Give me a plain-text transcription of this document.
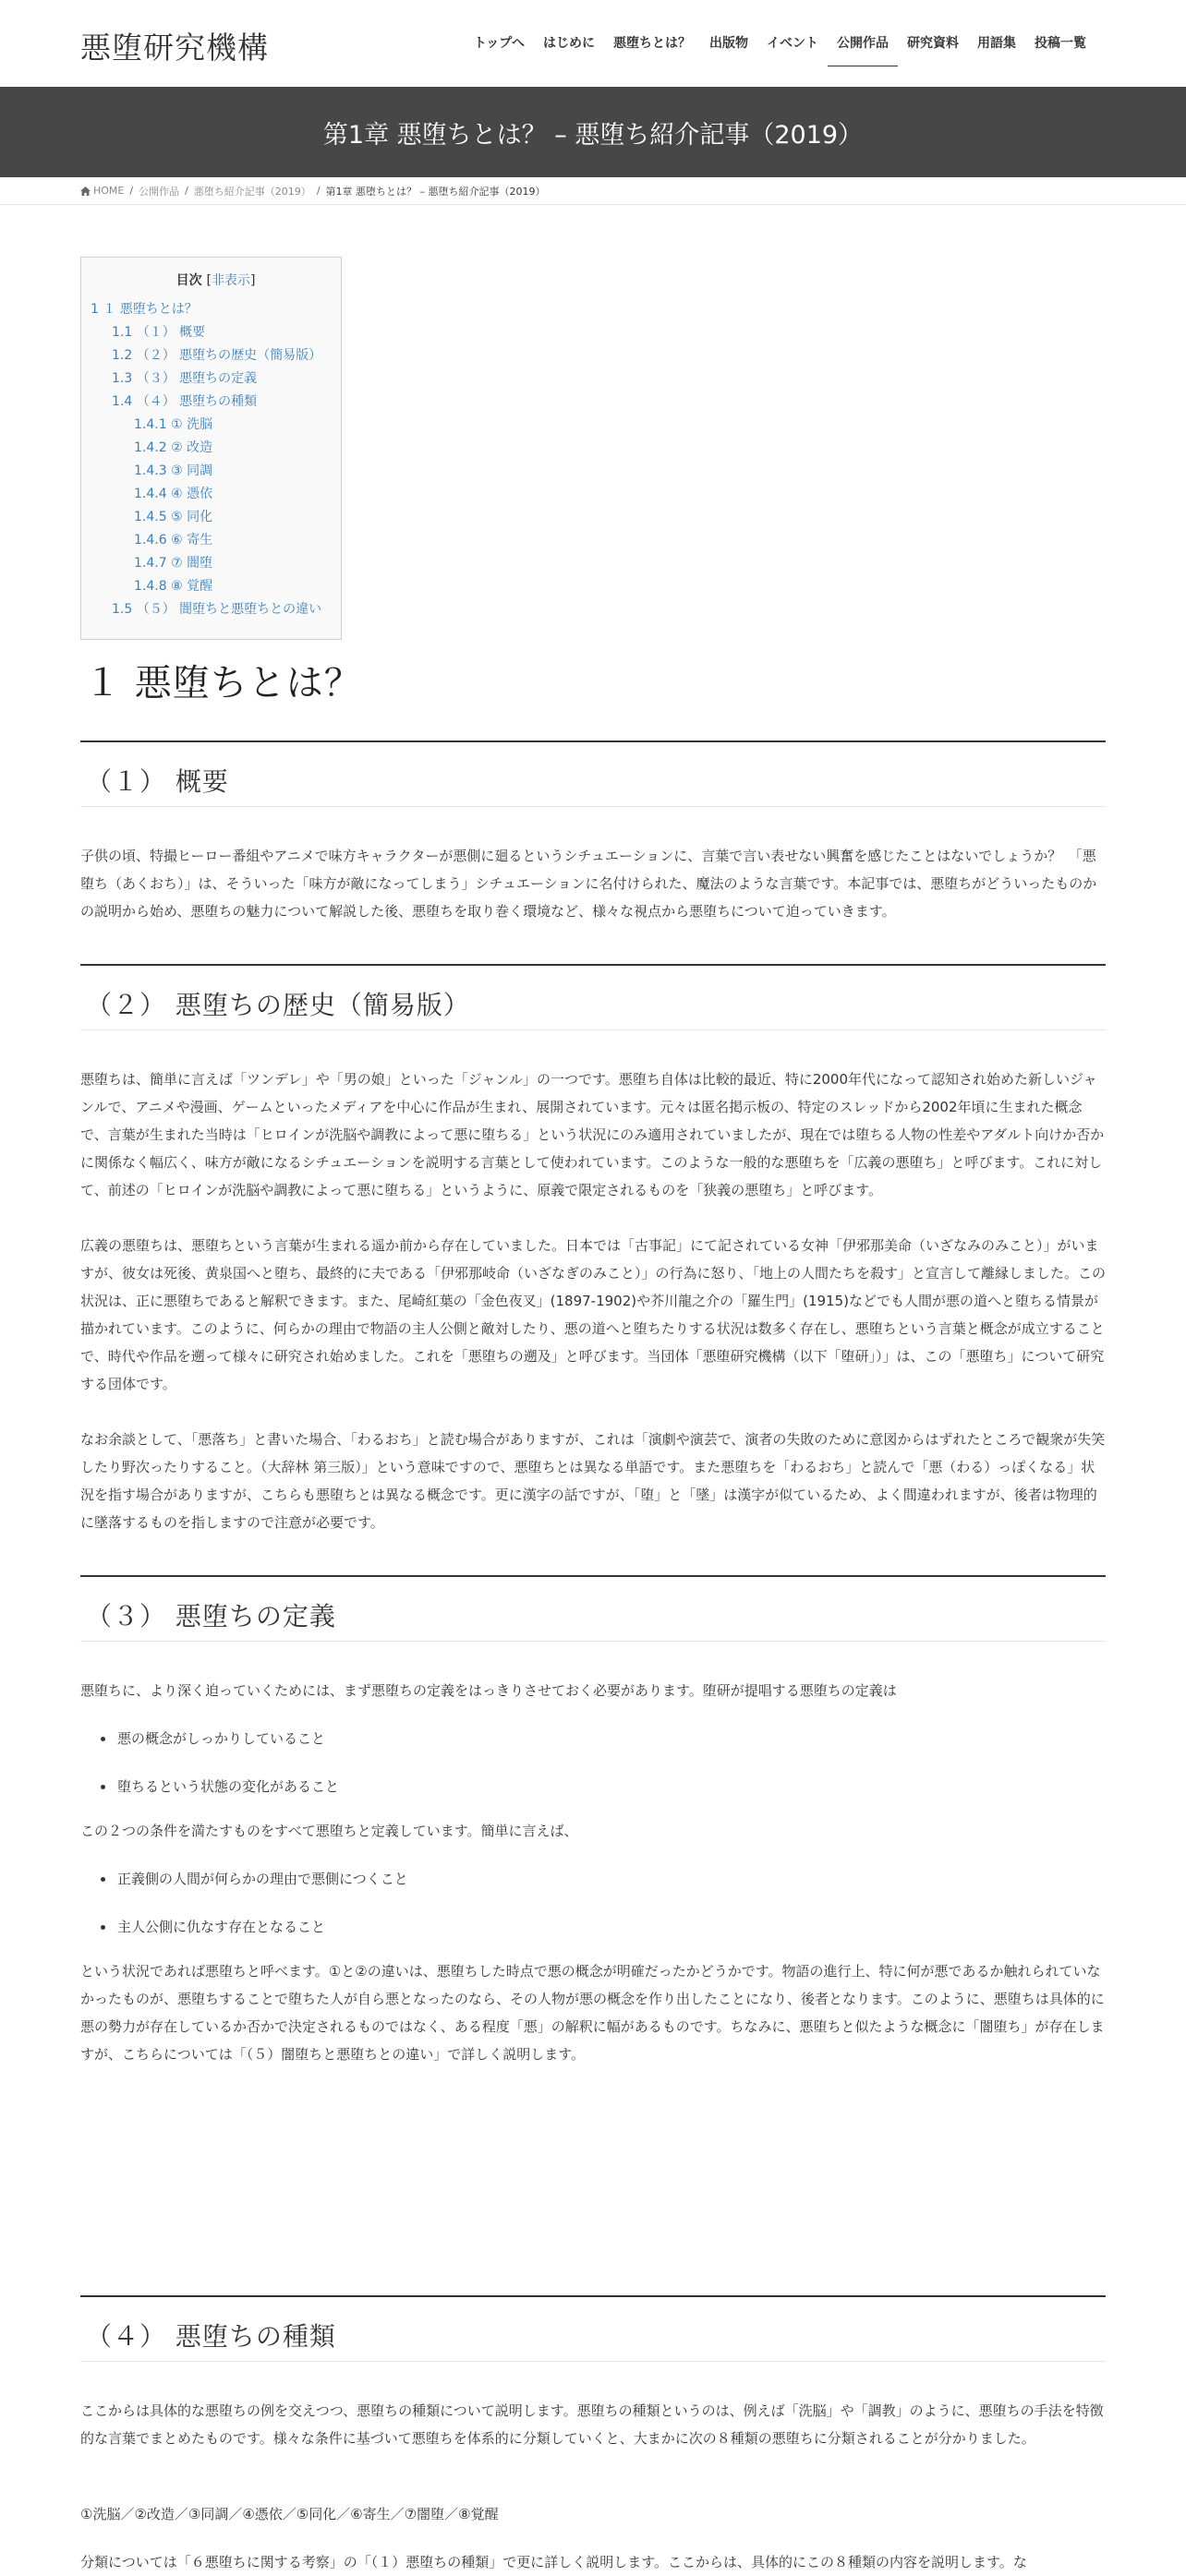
悪堕研究機構	トップへ	はじめに	悪堕ちとは？	出版物	イベント	公開作品	研究資料	用語集	投稿一覧
第1章 悪堕ちとは？ – 悪堕ち紹介記事（2019）
HOME / 公開作品 / 悪堕ち紹介記事（2019） / 第1章 悪堕ちとは？ – 悪堕ち紹介記事（2019）
目次 [非表示]
1 １ 悪堕ちとは？
1.1 （１） 概要
1.2 （２） 悪堕ちの歴史（簡易版）
1.3 （３） 悪堕ちの定義
1.4 （４） 悪堕ちの種類
1.4.1 ① 洗脳
1.4.2 ② 改造
1.4.3 ③ 同調
1.4.4 ④ 憑依
1.4.5 ⑤ 同化
1.4.6 ⑥ 寄生
1.4.7 ⑦ 闇堕
1.4.8 ⑧ 覚醒
1.5 （５） 闇堕ちと悪堕ちとの違い
１ 悪堕ちとは？
（１） 概要

子供の頃、特撮ヒーロー番組やアニメで味方キャラクターが悪側に廻るというシチュエーションに、言葉で言い表せない興奮を感じたことはないでしょうか？　「悪堕ち（あくおち）」は、そういった「味方が敵になってしまう」シチュエーションに名付けられた、魔法のような言葉です。本記事では、悪堕ちがどういったものかの説明から始め、悪堕ちの魅力について解説した後、悪堕ちを取り巻く環境など、様々な視点から悪堕ちについて迫っていきます。

（２） 悪堕ちの歴史（簡易版）

悪堕ちは、簡単に言えば「ツンデレ」や「男の娘」といった「ジャンル」の一つです。悪堕ち自体は比較的最近、特に2000年代になって認知され始めた新しいジャンルで、アニメや漫画、ゲームといったメディアを中心に作品が生まれ、展開されています。元々は匿名掲示板の、特定のスレッドから2002年頃に生まれた概念で、言葉が生まれた当時は「ヒロインが洗脳や調教によって悪に堕ちる」という状況にのみ適用されていましたが、現在では堕ちる人物の性差やアダルト向けか否かに関係なく幅広く、味方が敵になるシチュエーションを説明する言葉として使われています。このような一般的な悪堕ちを「広義の悪堕ち」と呼びます。これに対して、前述の「ヒロインが洗脳や調教によって悪に堕ちる」というように、原義で限定されるものを「狭義の悪堕ち」と呼びます。

広義の悪堕ちは、悪堕ちという言葉が生まれる遥か前から存在していました。日本では「古事記」にて記されている女神「伊邪那美命（いざなみのみこと）」がいますが、彼女は死後、黄泉国へと堕ち、最終的に夫である「伊邪那岐命（いざなぎのみこと）」の行為に怒り、「地上の人間たちを殺す」と宣言して離縁しました。この状況は、正に悪堕ちであると解釈できます。また、尾崎紅葉の「金色夜叉」(1897-1902)や芥川龍之介の「羅生門」(1915)などでも人間が悪の道へと堕ちる情景が描かれています。このように、何らかの理由で物語の主人公側と敵対したり、悪の道へと堕ちたりする状況は数多く存在し、悪堕ちという言葉と概念が成立することで、時代や作品を遡って様々に研究され始めました。これを「悪堕ちの遡及」と呼びます。当団体「悪堕研究機構（以下「堕研」）」は、この「悪堕ち」について研究する団体です。

なお余談として、「悪落ち」と書いた場合、「わるおち」と読む場合がありますが、これは「演劇や演芸で、演者の失敗のために意図からはずれたところで観衆が失笑したり野次ったりすること。（大辞林 第三版）」という意味ですので、悪堕ちとは異なる単語です。また悪堕ちを「わるおち」と読んで「悪（わる）っぽくなる」状況を指す場合がありますが、こちらも悪堕ちとは異なる概念です。更に漢字の話ですが、「堕」と「墜」は漢字が似ているため、よく間違われますが、後者は物理的に墜落するものを指しますので注意が必要です。

（３） 悪堕ちの定義

悪堕ちに、より深く迫っていくためには、まず悪堕ちの定義をはっきりさせておく必要があります。堕研が提唱する悪堕ちの定義は

悪の概念がしっかりしていること
堕ちるという状態の変化があること

この２つの条件を満たすものをすべて悪堕ちと定義しています。簡単に言えば、

正義側の人間が何らかの理由で悪側につくこと
主人公側に仇なす存在となること

という状況であれば悪堕ちと呼べます。①と②の違いは、悪堕ちした時点で悪の概念が明確だったかどうかです。物語の進行上、特に何が悪であるか触れられていなかったものが、悪堕ちすることで堕ちた人が自ら悪となったのなら、その人物が悪の概念を作り出したことになり、後者となります。このように、悪堕ちは具体的に悪の勢力が存在しているか否かで決定されるものではなく、ある程度「悪」の解釈に幅があるものです。ちなみに、悪堕ちと似たような概念に「闇堕ち」が存在しますが、こちらについては「（５）闇堕ちと悪堕ちとの違い」で詳しく説明します。

（４） 悪堕ちの種類

ここからは具体的な悪堕ちの例を交えつつ、悪堕ちの種類について説明します。悪堕ちの種類というのは、例えば「洗脳」や「調教」のように、悪堕ちの手法を特徴的な言葉でまとめたものです。様々な条件に基づいて悪堕ちを体系的に分類していくと、大まかに次の８種類の悪堕ちに分類されることが分かりました。

①洗脳／②改造／③同調／④憑依／⑤同化／⑥寄生／⑦闇堕／⑧覚醒

分類については「６悪堕ちに関する考察」の「（１）悪堕ちの種類」で更に詳しく説明します。ここからは、具体的にこの８種類の内容を説明します。な
